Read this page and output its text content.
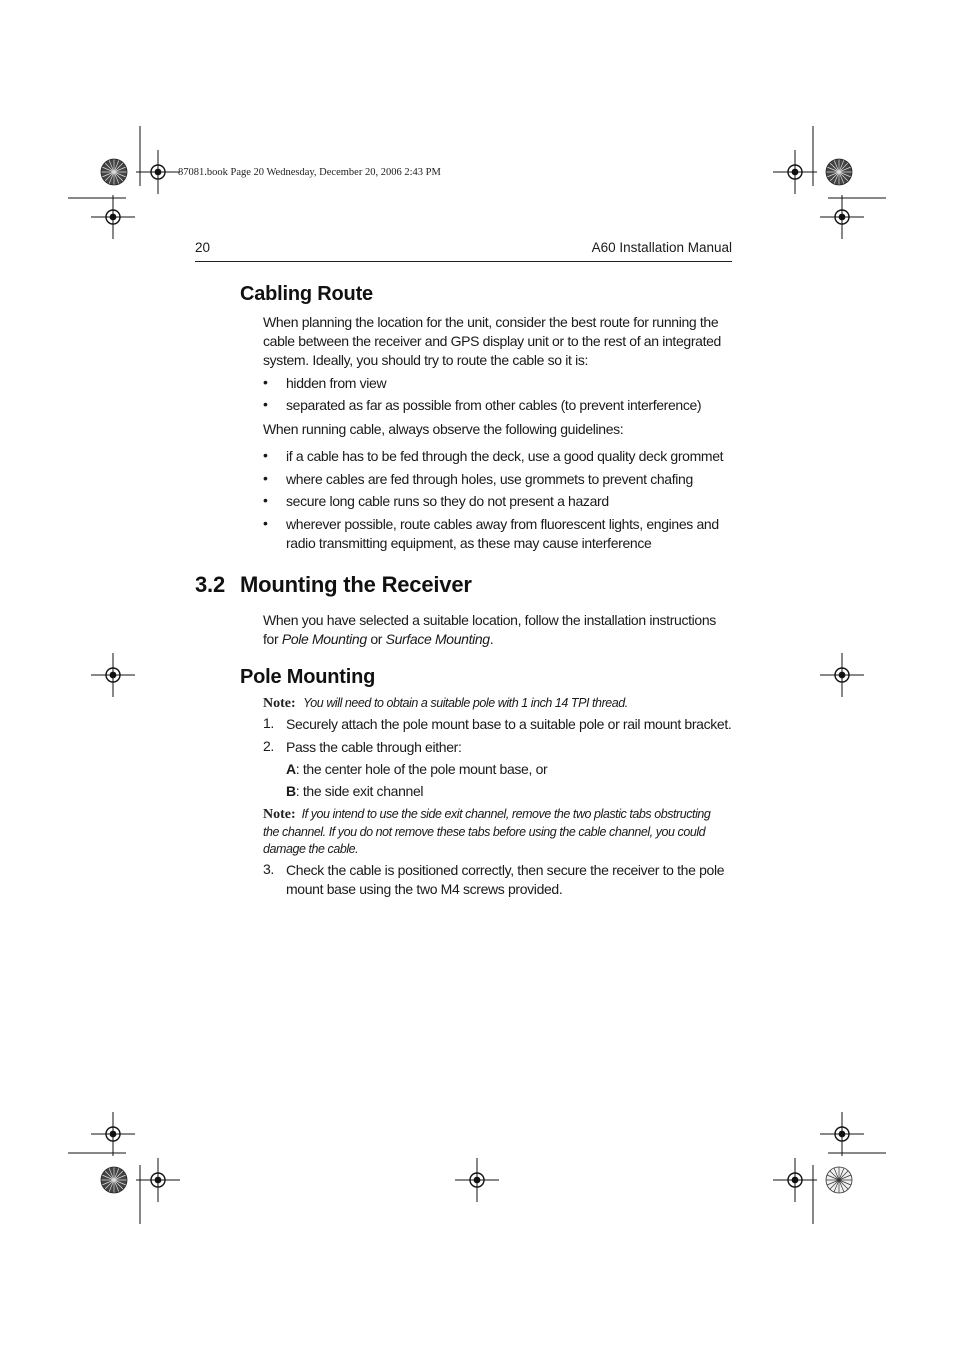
87081.book Page 20 Wednesday, December 20, 2006 2:43 PM
20	A60 Installation Manual
Cabling Route
When planning the location for the unit, consider the best route for running the
cable between the receiver and GPS display unit or to the rest of an integrated
system. Ideally, you should try to route the cable so it is:
• hidden from view
• separated as far as possible from other cables (to prevent interference)
When running cable, always observe the following guidelines:
• if a cable has to be fed through the deck, use a good quality deck grommet
• where cables are fed through holes, use grommets to prevent chafing
• secure long cable runs so they do not present a hazard
• wherever possible, route cables away from fluorescent lights, engines and
radio transmitting equipment, as these may cause interference
3.2 Mounting the Receiver
When you have selected a suitable location, follow the installation instructions
for Pole Mounting or Surface Mounting.
Pole Mounting
Note: You will need to obtain a suitable pole with 1 inch 14 TPI thread.
1. Securely attach the pole mount base to a suitable pole or rail mount bracket.
2. Pass the cable through either:
A: the center hole of the pole mount base, or
B: the side exit channel
Note: If you intend to use the side exit channel, remove the two plastic tabs obstructing
the channel. If you do not remove these tabs before using the cable channel, you could
damage the cable.
3. Check the cable is positioned correctly, then secure the receiver to the pole
mount base using the two M4 screws provided.
